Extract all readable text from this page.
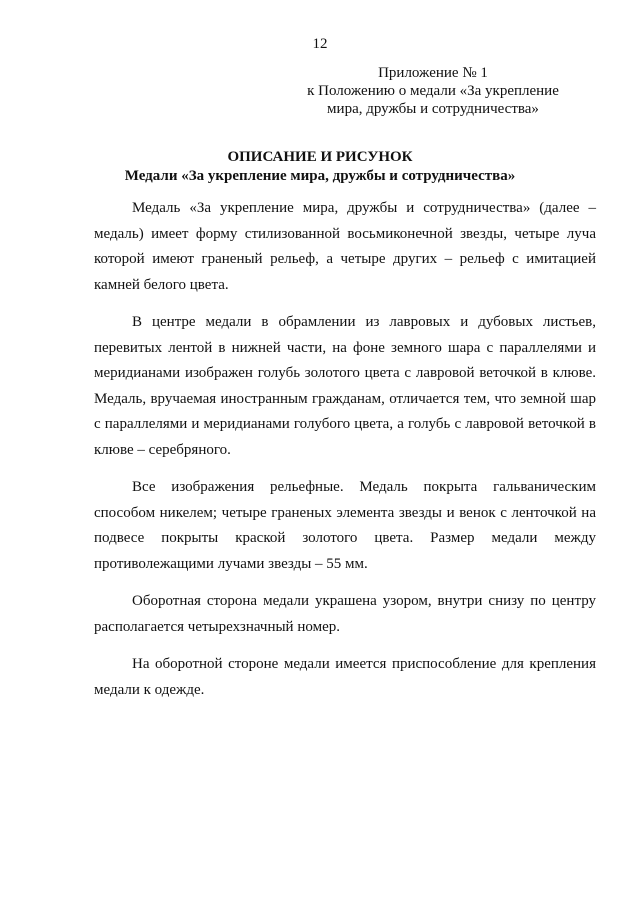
12
Приложение № 1
к Положению о медали «За укрепление
мира, дружбы и сотрудничества»
ОПИСАНИЕ И РИСУНОК
Медали «За укрепление мира, дружбы и сотрудничества»

Медаль «За укрепление мира, дружбы и сотрудничества» (далее – медаль) имеет форму стилизованной восьмиконечной звезды, четыре луча которой имеют граненый рельеф, а четыре других – рельеф с имитацией камней белого цвета.

В центре медали в обрамлении из лавровых и дубовых листьев, перевитых лентой в нижней части, на фоне земного шара с параллелями и меридианами изображен голубь золотого цвета с лавровой веточкой в клюве. Медаль, вручаемая иностранным гражданам, отличается тем, что земной шар с параллелями и меридианами голубого цвета, а голубь с лавровой веточкой в клюве – серебряного.

Все изображения рельефные. Медаль покрыта гальваническим способом никелем; четыре граненых элемента звезды и венок с ленточкой на подвесе покрыты краской золотого цвета. Размер медали между противолежащими лучами звезды – 55 мм.

Оборотная сторона медали украшена узором, внутри снизу по центру располагается четырехзначный номер.

На оборотной стороне медали имеется приспособление для крепления медали к одежде.
